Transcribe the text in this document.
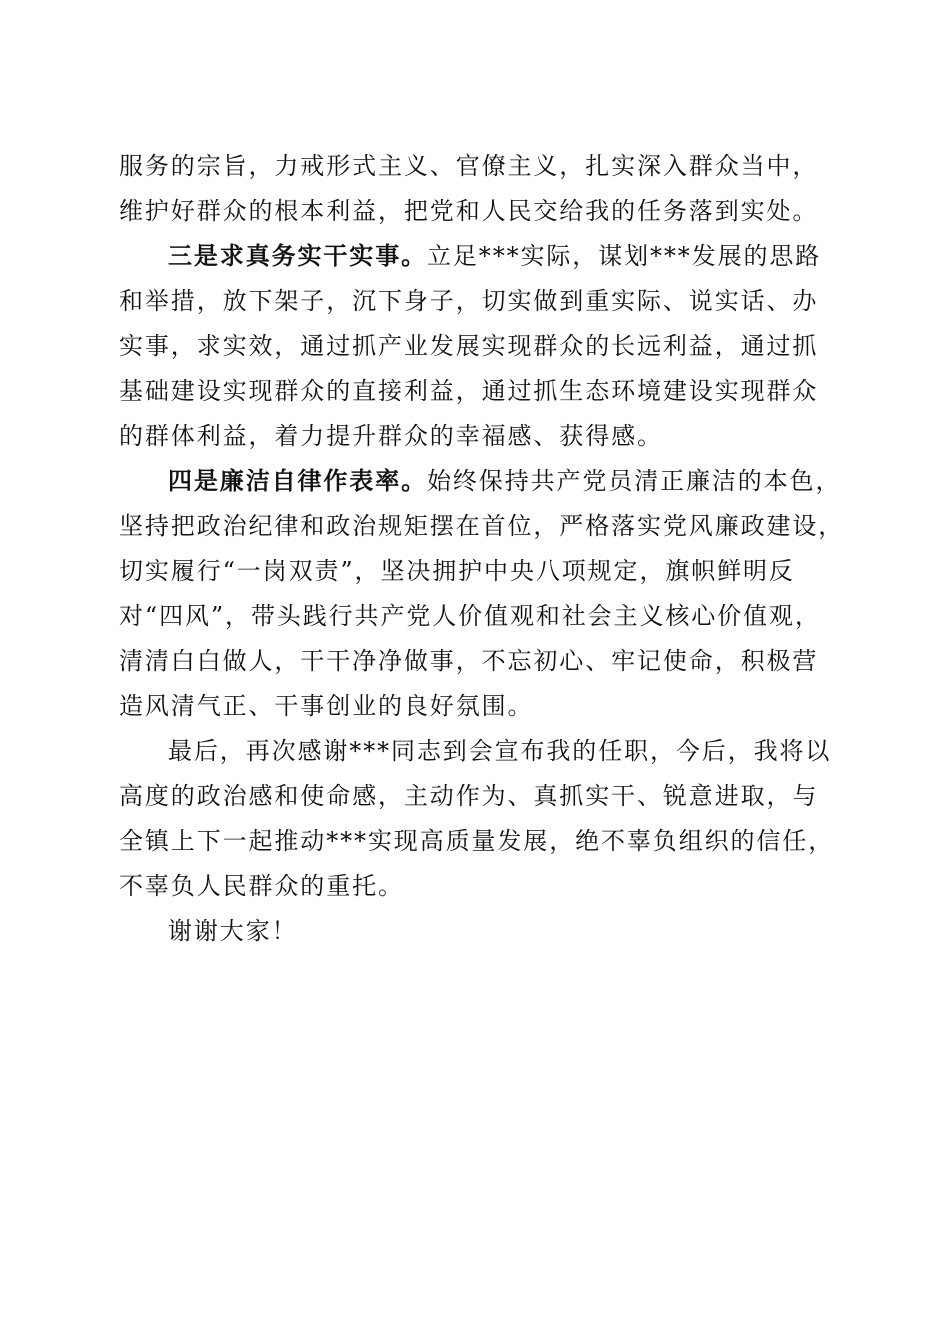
服务的宗旨，力戒形式主义、官僚主义，扎实深入群众当中，
维护好群众的根本利益，把党和人民交给我的任务落到实处。
三是求真务实干实事。立足***实际，谋划***发展的思路
和举措，放下架子，沉下身子，切实做到重实际、说实话、办
实事，求实效，通过抓产业发展实现群众的长远利益，通过抓
基础建设实现群众的直接利益，通过抓生态环境建设实现群众
的群体利益，着力提升群众的幸福感、获得感。
四是廉洁自律作表率。始终保持共产党员清正廉洁的本色，
坚持把政治纪律和政治规矩摆在首位，严格落实党风廉政建设，
切实履行“一岗双责”，坚决拥护中央八项规定，旗帜鲜明反
对“四风”，带头践行共产党人价值观和社会主义核心价值观，
清清白白做人，干干净净做事，不忘初心、牢记使命，积极营
造风清气正、干事创业的良好氛围。
最后，再次感谢***同志到会宣布我的任职，今后，我将以
高度的政治感和使命感，主动作为、真抓实干、锐意进取，与
全镇上下一起推动***实现高质量发展，绝不辜负组织的信任，
不辜负人民群众的重托。
谢谢大家！
